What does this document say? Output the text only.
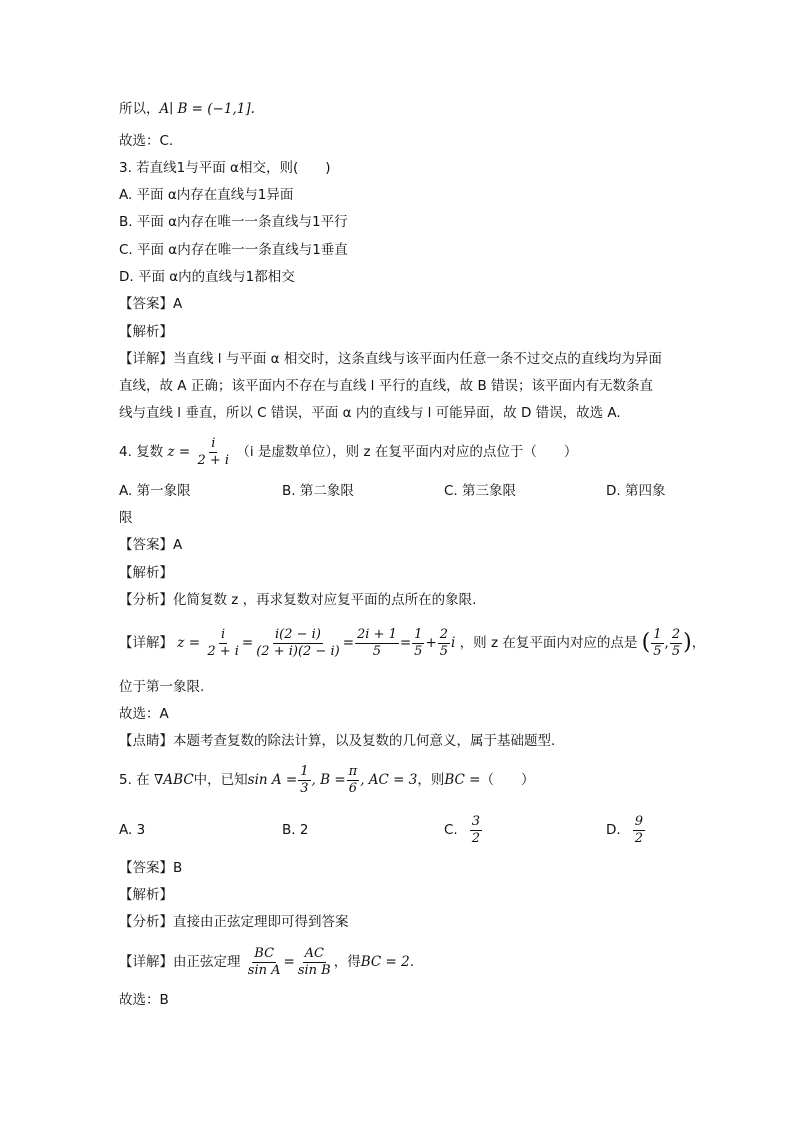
所以，A∣ B = (−1,1].
故选：C.
3. 若直线1与平面 α相交，则(　　)
A. 平面 α内存在直线与1异面
B. 平面 α内存在唯一一条直线与1平行
C. 平面 α内存在唯一一条直线与1垂直
D. 平面 α内的直线与1都相交
【答案】A
【解析】
【详解】当直线 l 与平面 α 相交时，这条直线与该平面内任意一条不过交点的直线均为异面
直线，故 A 正确；该平面内不存在与直线 l 平行的直线，故 B 错误；该平面内有无数条直
线与直线 l 垂直，所以 C 错误，平面 α 内的直线与 l 可能异面，故 D 错误，故选 A.
4. 复数 $z = \frac{i}{2 + i} (i$ 是虚数单位），则 z 在复平面内对应的点位于（　　）
A. 第一象限	B. 第二象限	C. 第三象限	D. 第四象
限
【答案】A
【解析】
【分析】化简复数 z ，再求复数对应复平面的点所在的象限.
【详解】 $z = \frac{i}{2 + i} = \frac{i(2 - i)}{(2 + i)(2 - i)} = \frac{2i + 1}{5} = \frac{1}{5} + \frac{2}{5}$ i ，则 z 在复平面内对应的点是 ( $\frac{1}{5}$ , $\frac{2}{5}$ )，
位于第一象限.
故选：A
【点睛】本题考查复数的除法计算，以及复数的几何意义，属于基础题型.
5. 在 ∇ABC中，已知$\sin A = \frac{1}{3}$ , $B = \frac{\pi}{6}$ , AC = 3，则BC =（　　）
A. 3	B. 2	C. $\frac{3}{2}$	D. $\frac{9}{2}$
【答案】B
【解析】
【分析】直接由正弦定理即可得到答案
【详解】由正弦定理 $\frac{BC}{\text{sin A}} = \frac{AC}{\text{sin B}}$ ，得BC = 2.
故选：B
